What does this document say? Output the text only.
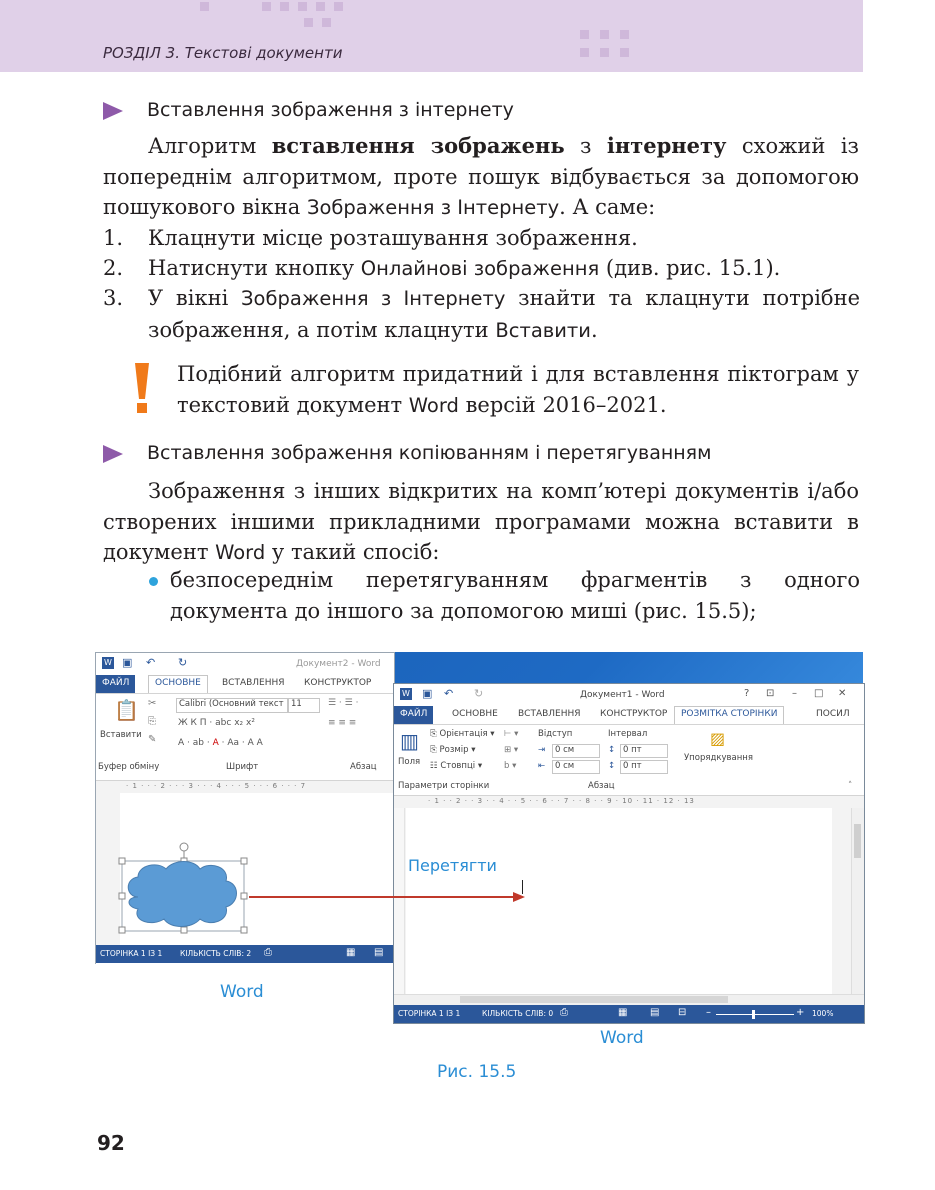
РОЗДІЛ 3. Текстові документи
Вставлення зображення з інтернету
Алгоритм вставлення зображень з інтернету схожий із попереднім алгоритмом, проте пошук відбувається за допомогою пошукового вікна Зображення з Інтернету. А саме:
1.	Клацнути місце розташування зображення.
2.	Натиснути кнопку Онлайнові зображення (див. рис. 15.1).
3.	У вікні Зображення з Інтернету знайти та клацнути потрібне зображення, а потім клацнути Вставити.
Подібний алгоритм придатний і для вставлення піктограм у текстовий документ Word версій 2016–2021.
Вставлення зображення копіюванням і перетягуванням
Зображення з інших відкритих на комп’ютері документів і/або створених іншими прикладними програмами можна вставити в документ Word у такий спосіб:
безпосереднім перетягуванням фрагментів з одного документа до іншого за допомогою миші (рис. 15.5);
W ▣ ↶ ↻	Документ2 - Word
ФАЙЛ	ОСНОВНЕ	ВСТАВЛЕННЯ КОНСТРУКТОР
📋
Вставити
✂
⎘
✎
Calibri (Основний текст 11
Ж К П · abc x₂ x²
A · ab · A · Aa · A A
☰ · ☰ ·
≡ ≡ ≡
Буфер обміну	Шрифт	Абзац
· 1 · · · 2 · · · 3 · · · 4 · · · 5 · · · 6 · · · 7
СТОРІНКА 1 ІЗ 1 КІЛЬКІСТЬ СЛІВ: 2 ⎙	▦ ▤
W ▣ ↶ ↻	Документ1 - Word	? ⊡ – □ ✕
ФАЙЛ	ОСНОВНЕ ВСТАВЛЕННЯ КОНСТРУКТОР	РОЗМІТКА СТОРІНКИ	ПОСИЛ
▥
Поля
⎘ Орієнтація ▾
⎘ Розмір ▾
☷ Стовпці ▾
⊢ ▾
⊞ ▾
b ▾
Відступ
⇥	0 см
⇤	0 см
Інтервал
↕ 0 пт
↕ 0 пт
▨
Упорядкування
Параметри сторінки	Абзац	˄
· 1 · · 2 · · 3 · · 4 · · 5 · · 6 · · 7 · · 8 · · 9 · 10 · 11 · 12 · 13
Перетягти
СТОРІНКА 1 ІЗ 1	КІЛЬКІСТЬ СЛІВ: 0 ⎙	▦ ▤ ⊟ –	+ 100%
Word
Word
Рис. 15.5
92
